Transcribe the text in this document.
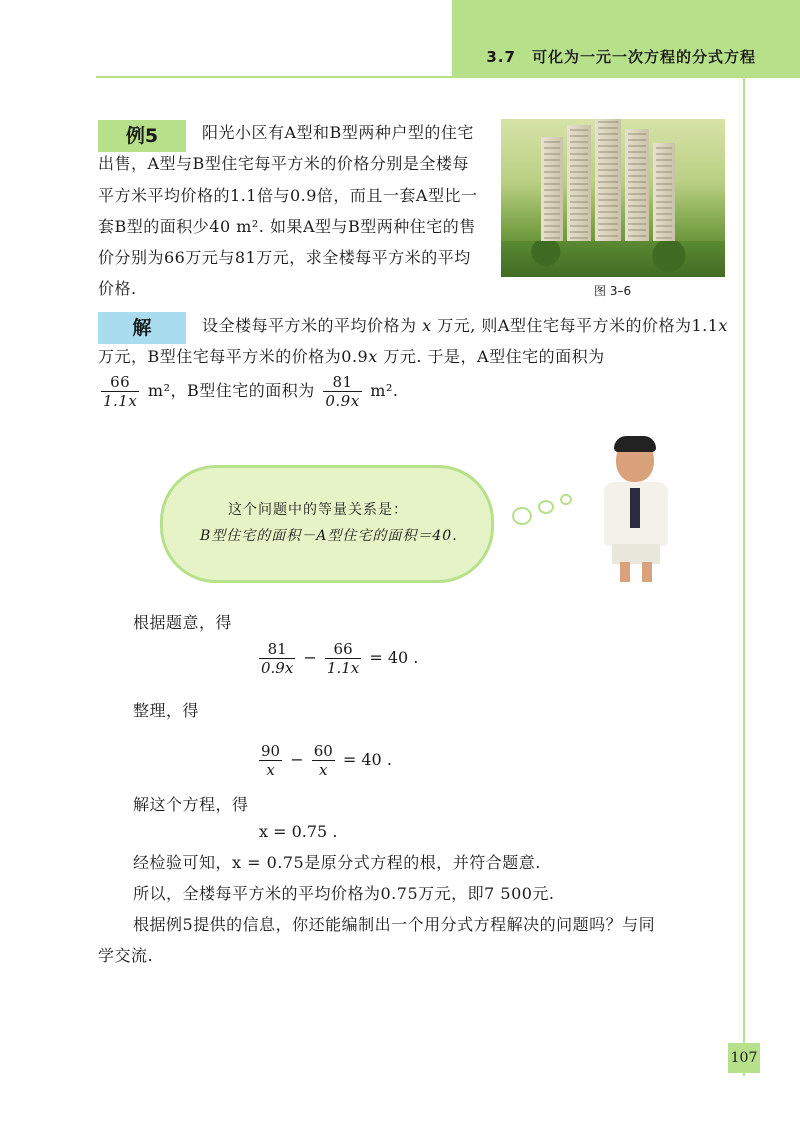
3.7　可化为一元一次方程的分式方程
例5	阳光小区有A型和B型两种户型的住宅出售，A型与B型住宅每平方米的价格分别是全楼每平方米平均价格的1.1倍与0.9倍，而且一套A型比一套B型的面积少40 m². 如果A型与B型两种住宅的售价分别为66万元与81万元，求全楼每平方米的平均价格.	图 3–6
解	设全楼每平方米的平均价格为 x 万元, 则A型住宅每平方米的价格为1.1x 万元，B型住宅每平方米的价格为0.9x 万元. 于是，A型住宅的面积为

$\frac{66}{1.1x} m^2$，B型住宅的面积为 $\frac{81}{0.9x} m^2$.
这个问题中的等量关系是：
B型住宅的面积－A型住宅的面积＝40.
根据题意，得
$\frac{81}{0.9x} - \frac{66}{1.1x} = 40$ .
整理，得
$\frac{90}{x} - \frac{60}{x} = 40$ .
解这个方程，得
x = 0.75 .
经检验可知，x = 0.75是原分式方程的根，并符合题意.
所以，全楼每平方米的平均价格为0.75万元，即7 500元.
根据例5提供的信息，你还能编制出一个用分式方程解决的问题吗？与同
学交流.
107
